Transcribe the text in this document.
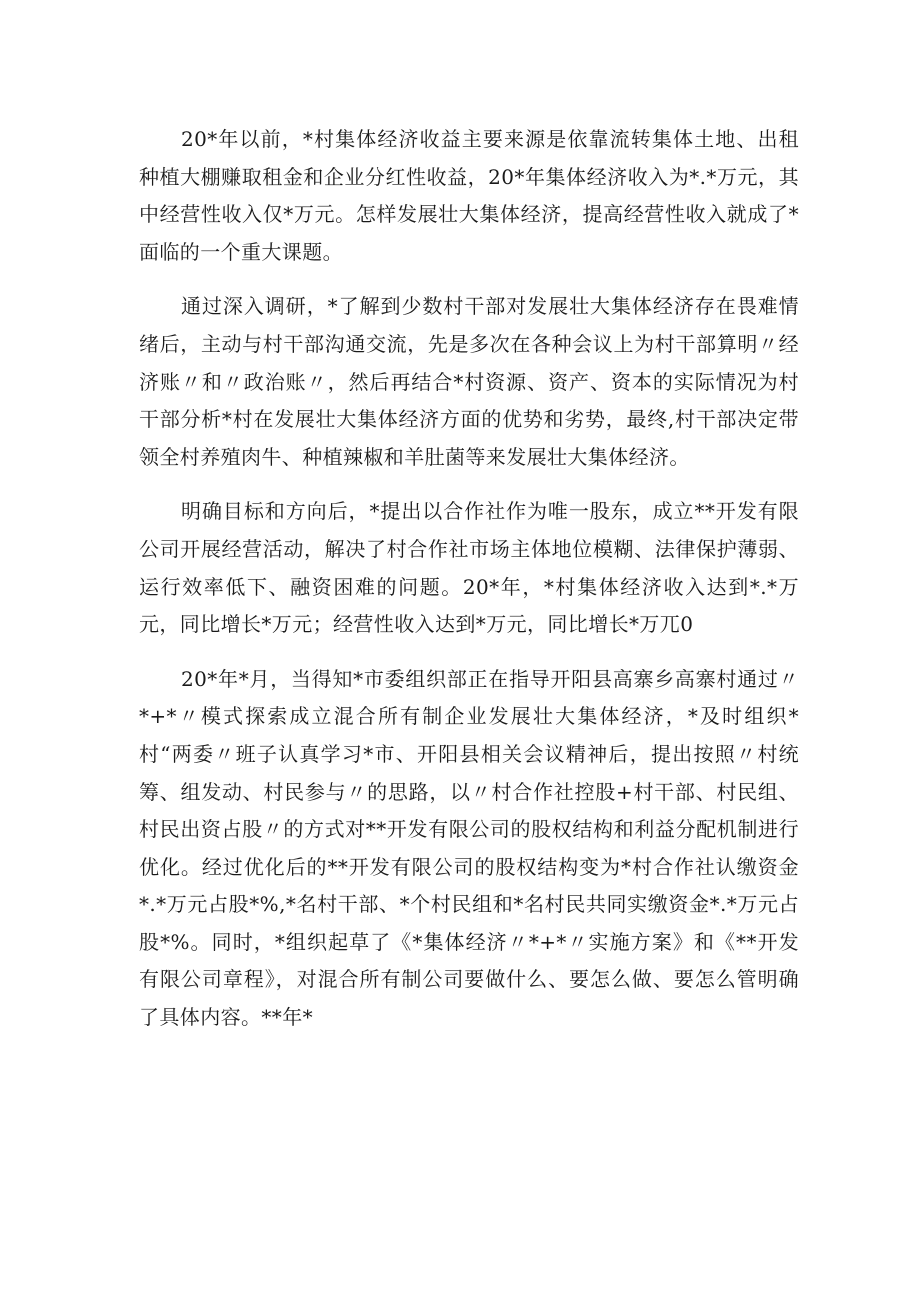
20*年以前，*村集体经济收益主要来源是依靠流转集体土地、出租种植大棚赚取租金和企业分红性收益，20*年集体经济收入为*.*万元，其中经营性收入仅*万元。怎样发展壮大集体经济，提高经营性收入就成了*面临的一个重大课题。

通过深入调研，*了解到少数村干部对发展壮大集体经济存在畏难情绪后，主动与村干部沟通交流，先是多次在各种会议上为村干部算明〃经济账〃和〃政治账〃，然后再结合*村资源、资产、资本的实际情况为村干部分析*村在发展壮大集体经济方面的优势和劣势，最终,村干部决定带领全村养殖肉牛、种植辣椒和羊肚菌等来发展壮大集体经济。

明确目标和方向后，*提出以合作社作为唯一股东，成立**开发有限公司开展经营活动，解决了村合作社市场主体地位模糊、法律保护薄弱、运行效率低下、融资困难的问题。20*年，*村集体经济收入达到*.*万元，同比增长*万元；经营性收入达到*万元，同比增长*万兀0

20*年*月，当得知*市委组织部正在指导开阳县高寨乡高寨村通过〃*+*〃模式探索成立混合所有制企业发展壮大集体经济，*及时组织*村“两委〃班子认真学习*市、开阳县相关会议精神后，提出按照〃村统筹、组发动、村民参与〃的思路，以〃村合作社控股+村干部、村民组、村民出资占股〃的方式对**开发有限公司的股权结构和利益分配机制进行优化。经过优化后的**开发有限公司的股权结构变为*村合作社认缴资金*.*万元占股*%,*名村干部、*个村民组和*名村民共同实缴资金*.*万元占股*%。同时，*组织起草了《*集体经济〃*+*〃实施方案》和《**开发有限公司章程》，对混合所有制公司要做什么、要怎么做、要怎么管明确了具体内容。**年*
